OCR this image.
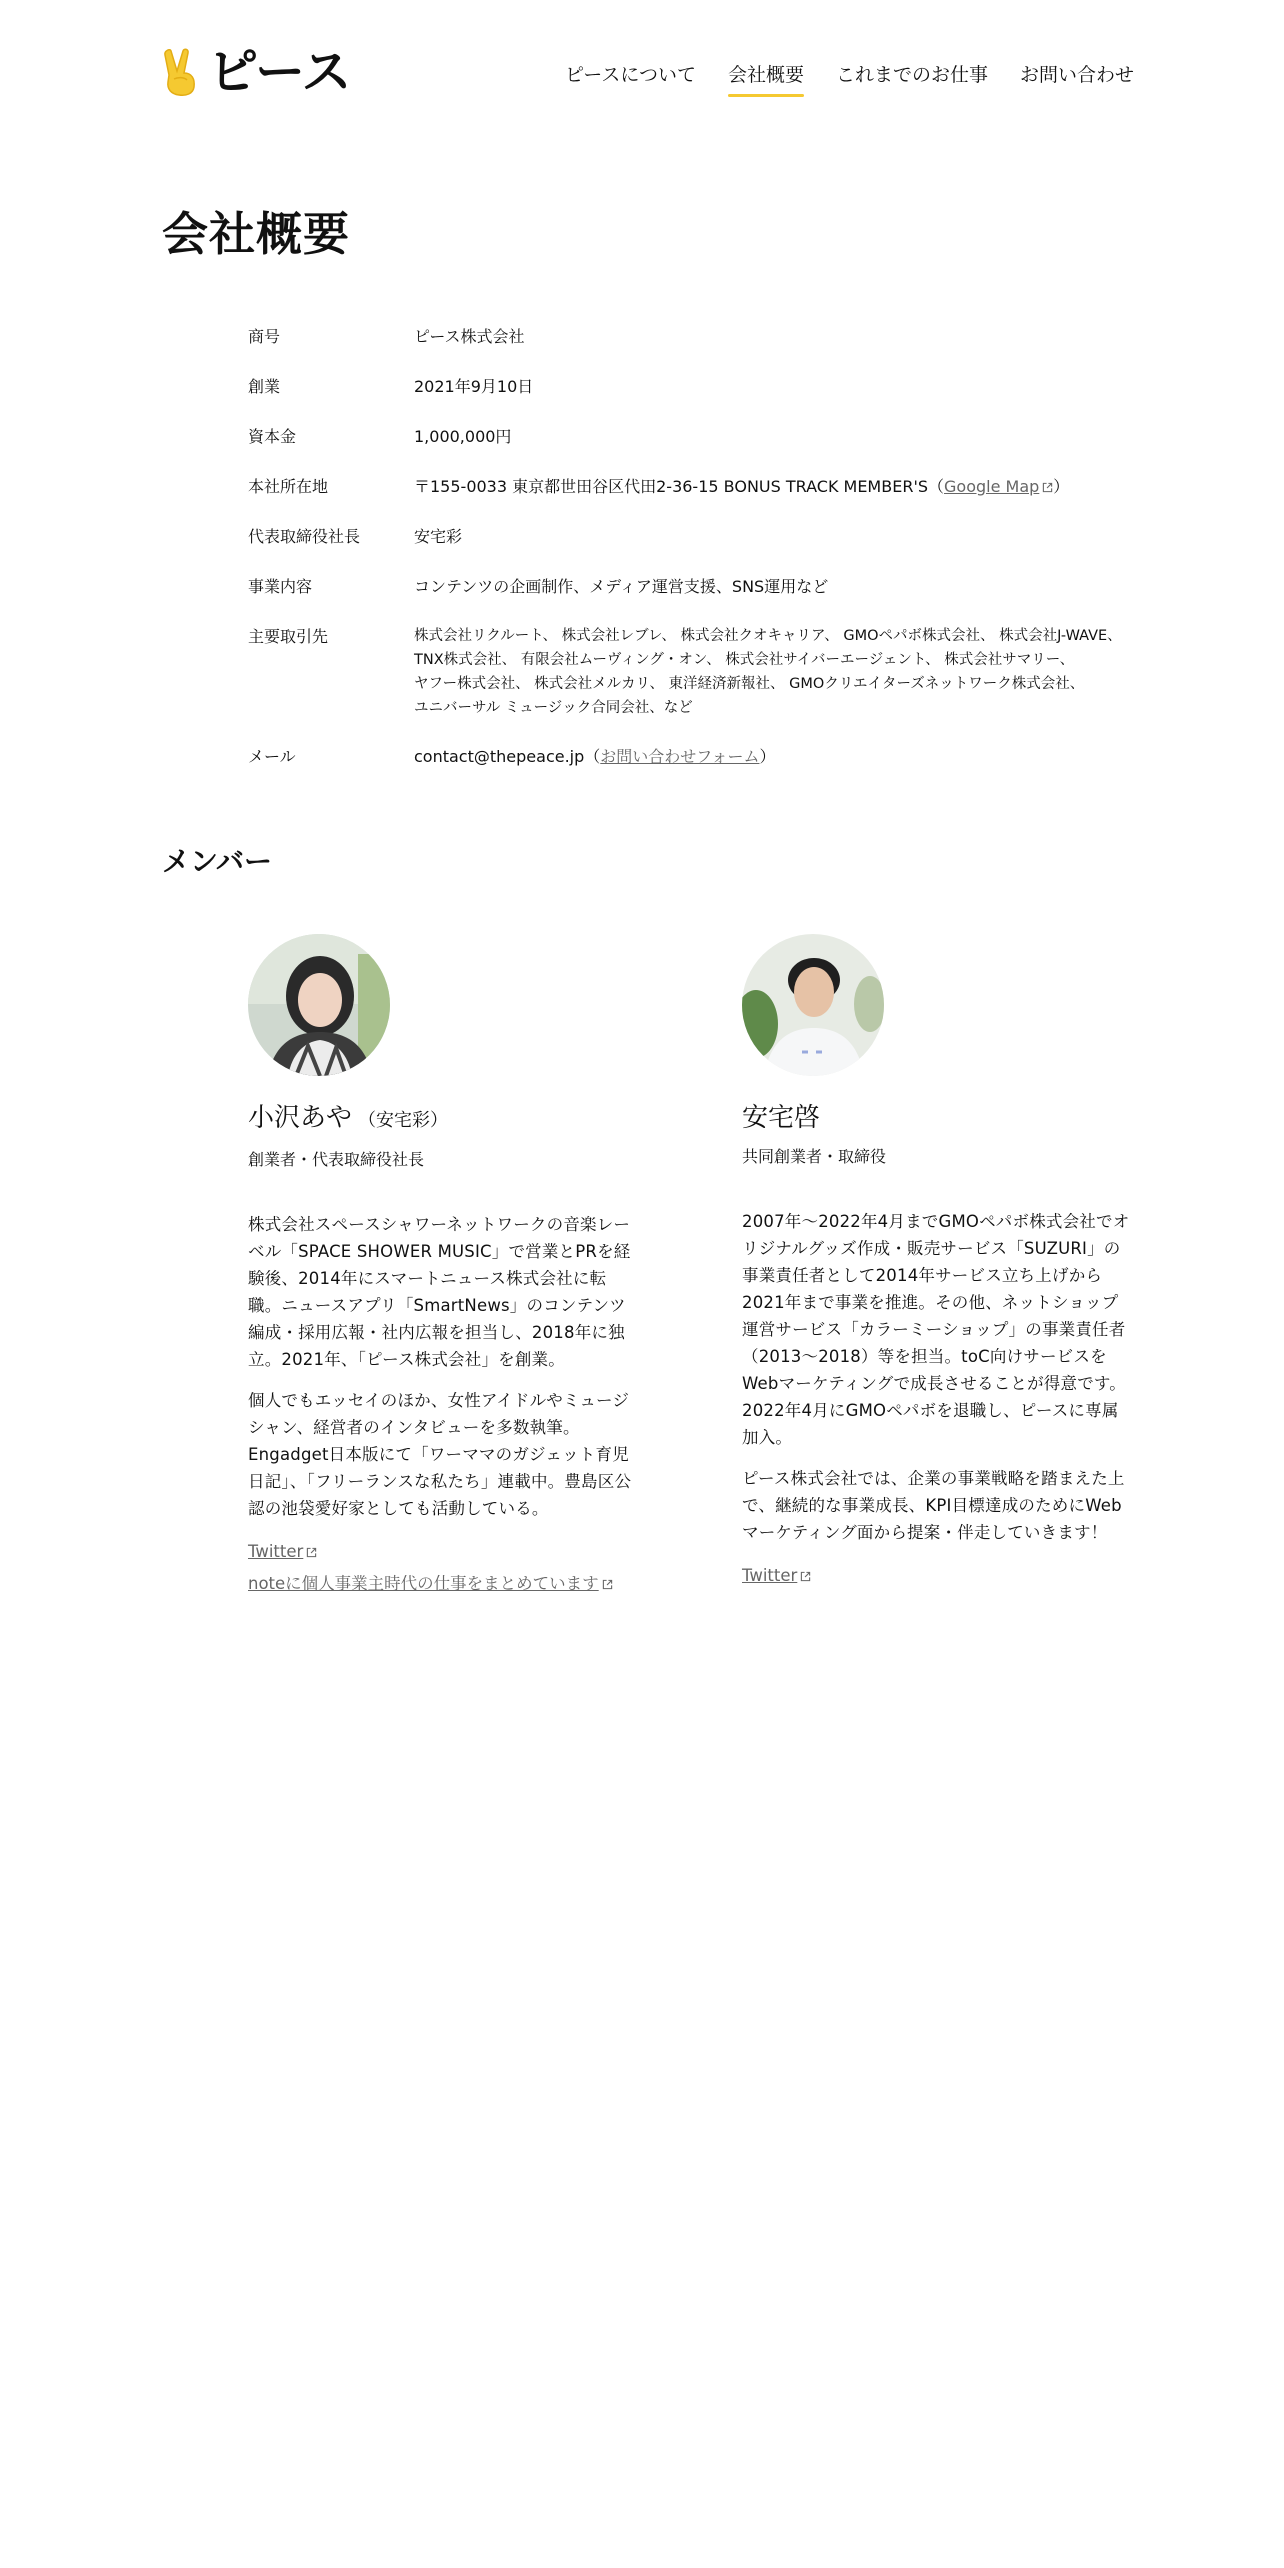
ピース	ピースについて 会社概要 これまでのお仕事 お問い合わせ
会社概要
商号	ピース株式会社
創業	2021年9月10日
資本金	1,000,000円
本社所在地	〒155-0033 東京都世田谷区代田2-36-15 BONUS TRACK MEMBER'S（Google Map ）
代表取締役社長	安宅彩
事業内容	コンテンツの企画制作、メディア運営支援、SNS運用など
主要取引先	株式会社リクルート、 株式会社レブレ、 株式会社クオキャリア、 GMOペパボ株式会社、 株式会社J-WAVE、
TNX株式会社、 有限会社ムーヴィング・オン、 株式会社サイバーエージェント、 株式会社サマリー、
ヤフー株式会社、 株式会社メルカリ、 東洋経済新報社、 GMOクリエイターズネットワーク株式会社、
ユニバーサル ミュージック合同会社、など
メール	contact@thepeace.jp（お問い合わせフォーム）
メンバー
小沢あや （安宅彩）

創業者・代表取締役社長

株式会社スペースシャワーネットワークの音楽レーベル「SPACE SHOWER MUSIC」で営業とPRを経験後、2014年にスマートニュース株式会社に転職。ニュースアプリ「SmartNews」のコンテンツ編成・採用広報・社内広報を担当し、2018年に独立。2021年、「ピース株式会社」を創業。

個人でもエッセイのほか、女性アイドルやミュージシャン、経営者のインタビューを多数執筆。Engadget日本版にて「ワーママのガジェット育児日記」、「フリーランスな私たち」連載中。豊島区公認の池袋愛好家としても活動している。

Twitter
noteに個人事業主時代の仕事をまとめています
安宅啓

共同創業者・取締役

2007年〜2022年4月までGMOペパボ株式会社でオリジナルグッズ作成・販売サービス「SUZURI」の事業責任者として2014年サービス立ち上げから2021年まで事業を推進。その他、ネットショップ運営サービス「カラーミーショップ」の事業責任者（2013〜2018）等を担当。toC向けサービスをWebマーケティングで成長させることが得意です。2022年4月にGMOペパボを退職し、ピースに専属加入。

ピース株式会社では、企業の事業戦略を踏まえた上で、継続的な事業成長、KPI目標達成のためにWebマーケティング面から提案・伴走していきます！

Twitter
